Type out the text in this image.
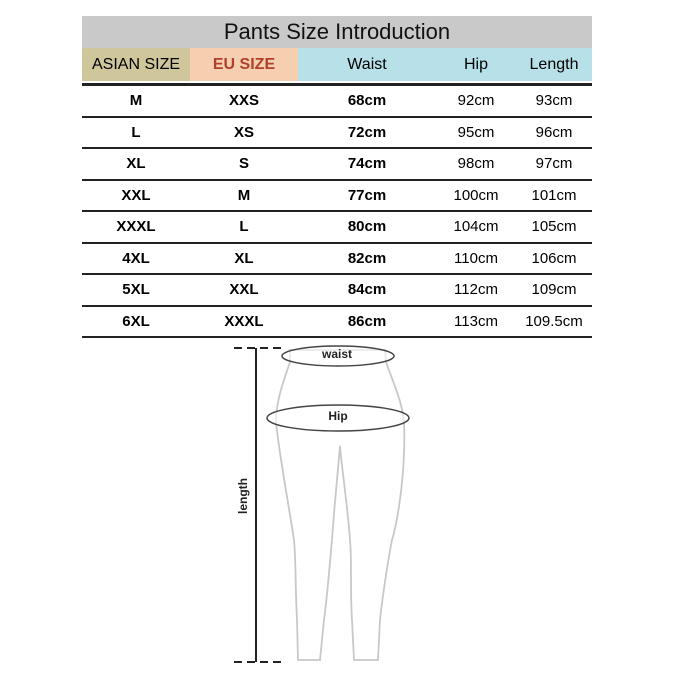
Pants Size Introduction
ASIAN SIZE	EU SIZE	Waist	Hip	Length
M	XXS	68cm	92cm	93cm
L	XS	72cm	95cm	96cm
XL	S	74cm	98cm	97cm
XXL	M	77cm	100cm	101cm
XXXL	L	80cm	104cm	105cm
4XL	XL	82cm	110cm	106cm
5XL	XXL	84cm	112cm	109cm
6XL	XXXL	86cm	113cm	109.5cm
waist
Hip
length
